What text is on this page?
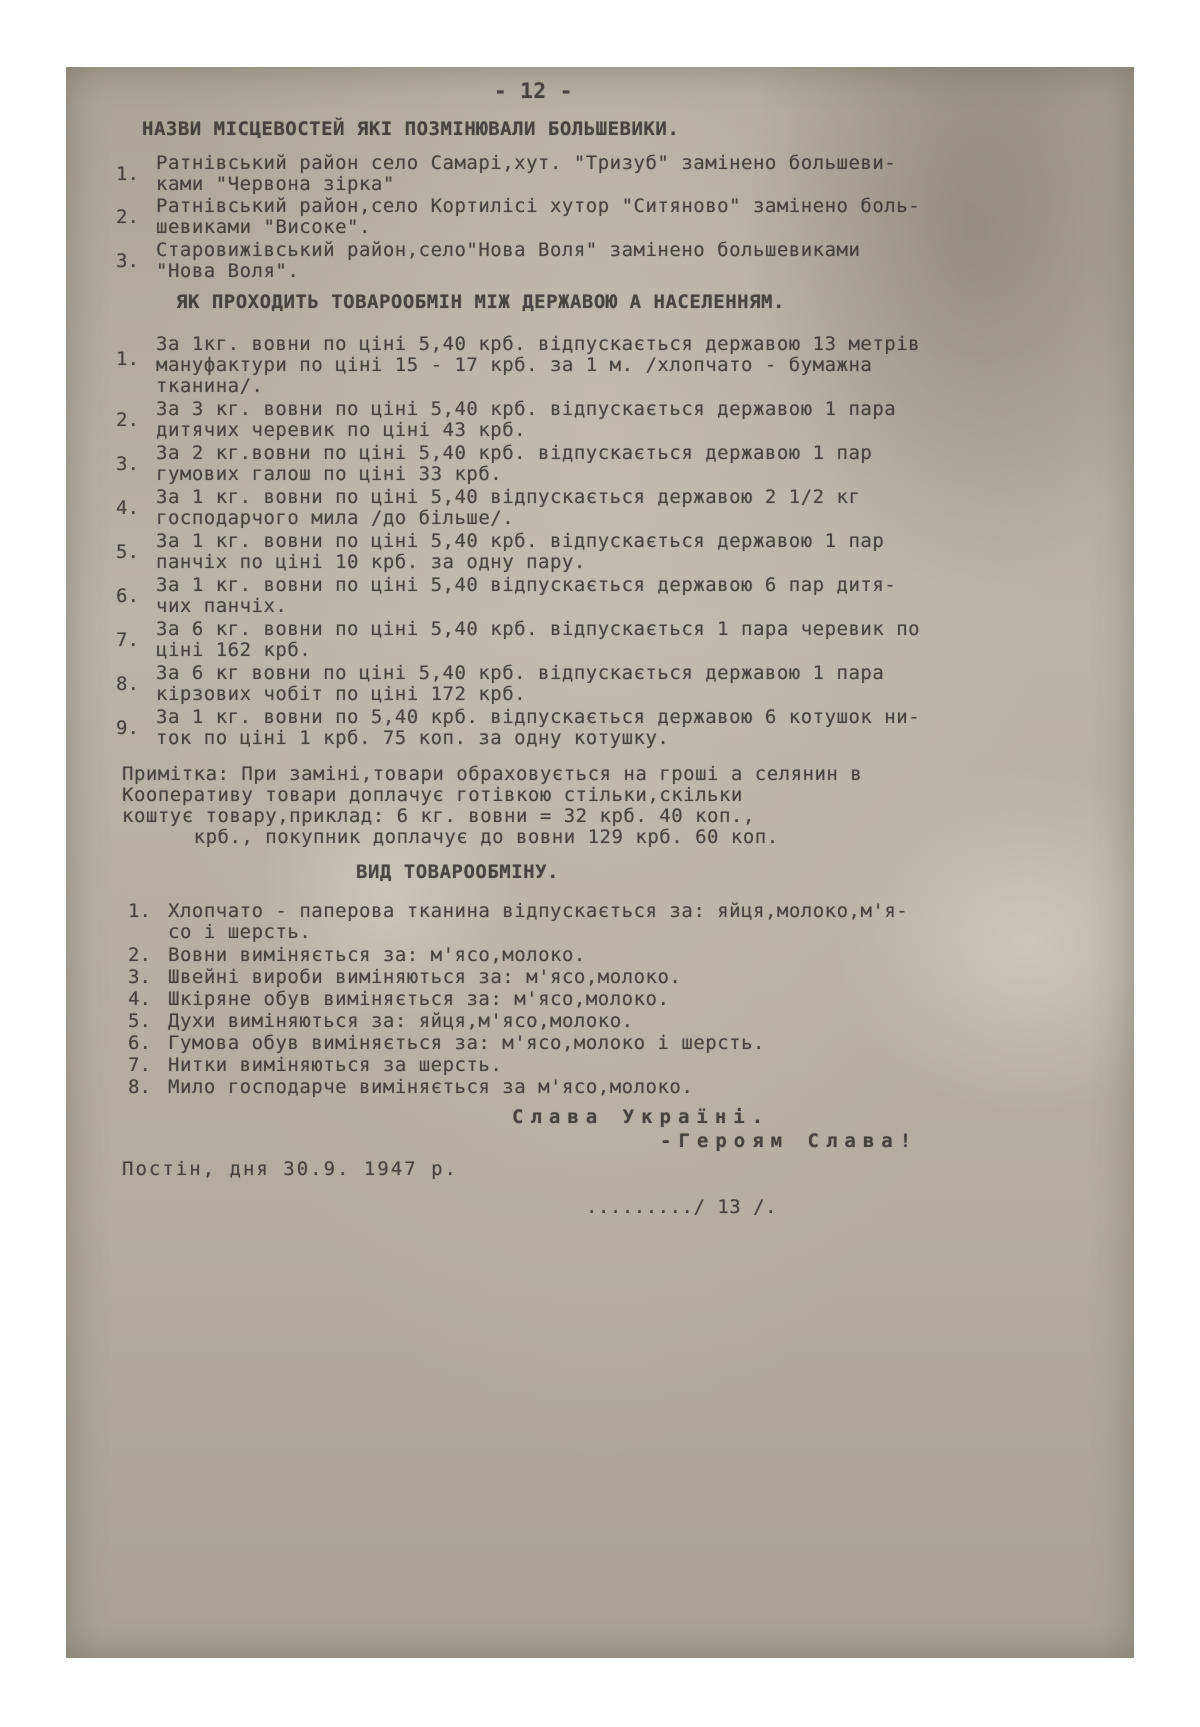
- 12 -
НАЗВИ МІСЦЕВОСТЕЙ ЯКІ ПОЗМІНЮВАЛИ БОЛЬШЕВИКИ.
1. Ратнівський район село Самарі,хут. "Тризуб" замінено большеви-
ками "Червона зірка"
2. Ратнівський район,село Кортилісі хутор "Ситяново" замінено боль-
шевиками "Високе".
3. Старовижівський район,село"Нова Воля" замінено большевиками
"Нова Воля".
ЯК ПРОХОДИТЬ ТОВАРООБМІН МІЖ ДЕРЖАВОЮ А НАСЕЛЕННЯМ.
1.
За 1кг. вовни по ціні 5,40 крб. відпускається державою 13 метрів
мануфактури по ціні 15 - 17 крб. за 1 м. /хлопчато - бумажна
тканина/.
2. За 3 кг. вовни по ціні 5,40 крб. відпускається державою 1 пара
дитячих черевик по ціні 43 крб.
3. За 2 кг.вовни по ціні 5,40 крб. відпускається державою 1 пар
гумових галош по ціні 33 крб.
4. За 1 кг. вовни по ціні 5,40 відпускається державою 2 1/2 кг
господарчого мила /до більше/.
5. За 1 кг. вовни по ціні 5,40 крб. відпускається державою 1 пар
панчіх по ціні 10 крб. за одну пару.
6. За 1 кг. вовни по ціні 5,40 відпускається державою 6 пар дитя-
чих панчіх.
7. За 6 кг. вовни по ціні 5,40 крб. відпускається 1 пара черевик по
ціні 162 крб.
8. За 6 кг вовни по ціні 5,40 крб. відпускається державою 1 пара
кірзових чобіт по ціні 172 крб.
9. За 1 кг. вовни по 5,40 крб. відпускається державою 6 котушок ни-
ток по ціні 1 крб. 75 коп. за одну котушку.
Примітка: При заміні,товари обраховується на гроші а селянин в
Кооперативу товари доплачує готівкою стільки,скільки
коштує товару,приклад: 6 кг. вовни = 32 крб. 40 коп.,
крб., покупник доплачує до вовни 129 крб. 60 коп.
ВИД ТОВАРООБМІНУ.
1. Хлопчато - паперова тканина відпускається за: яйця,молоко,м'я-
со і шерсть.
2. Вовни виміняється за: м'ясо,молоко.
3. Швейні вироби виміняються за: м'ясо,молоко.
4. Шкіряне обув виміняється за: м'ясо,молоко.
5. Духи виміняються за: яйця,м'ясо,молоко.
6. Гумова обув виміняється за: м'ясо,молоко і шерсть.
7. Нитки виміняються за шерсть.
8. Мило господарче виміняється за м'ясо,молоко.
Слава Україні.
-Героям Слава!
Постін, дня 30.9. 1947 р.
........./ 13 /.
